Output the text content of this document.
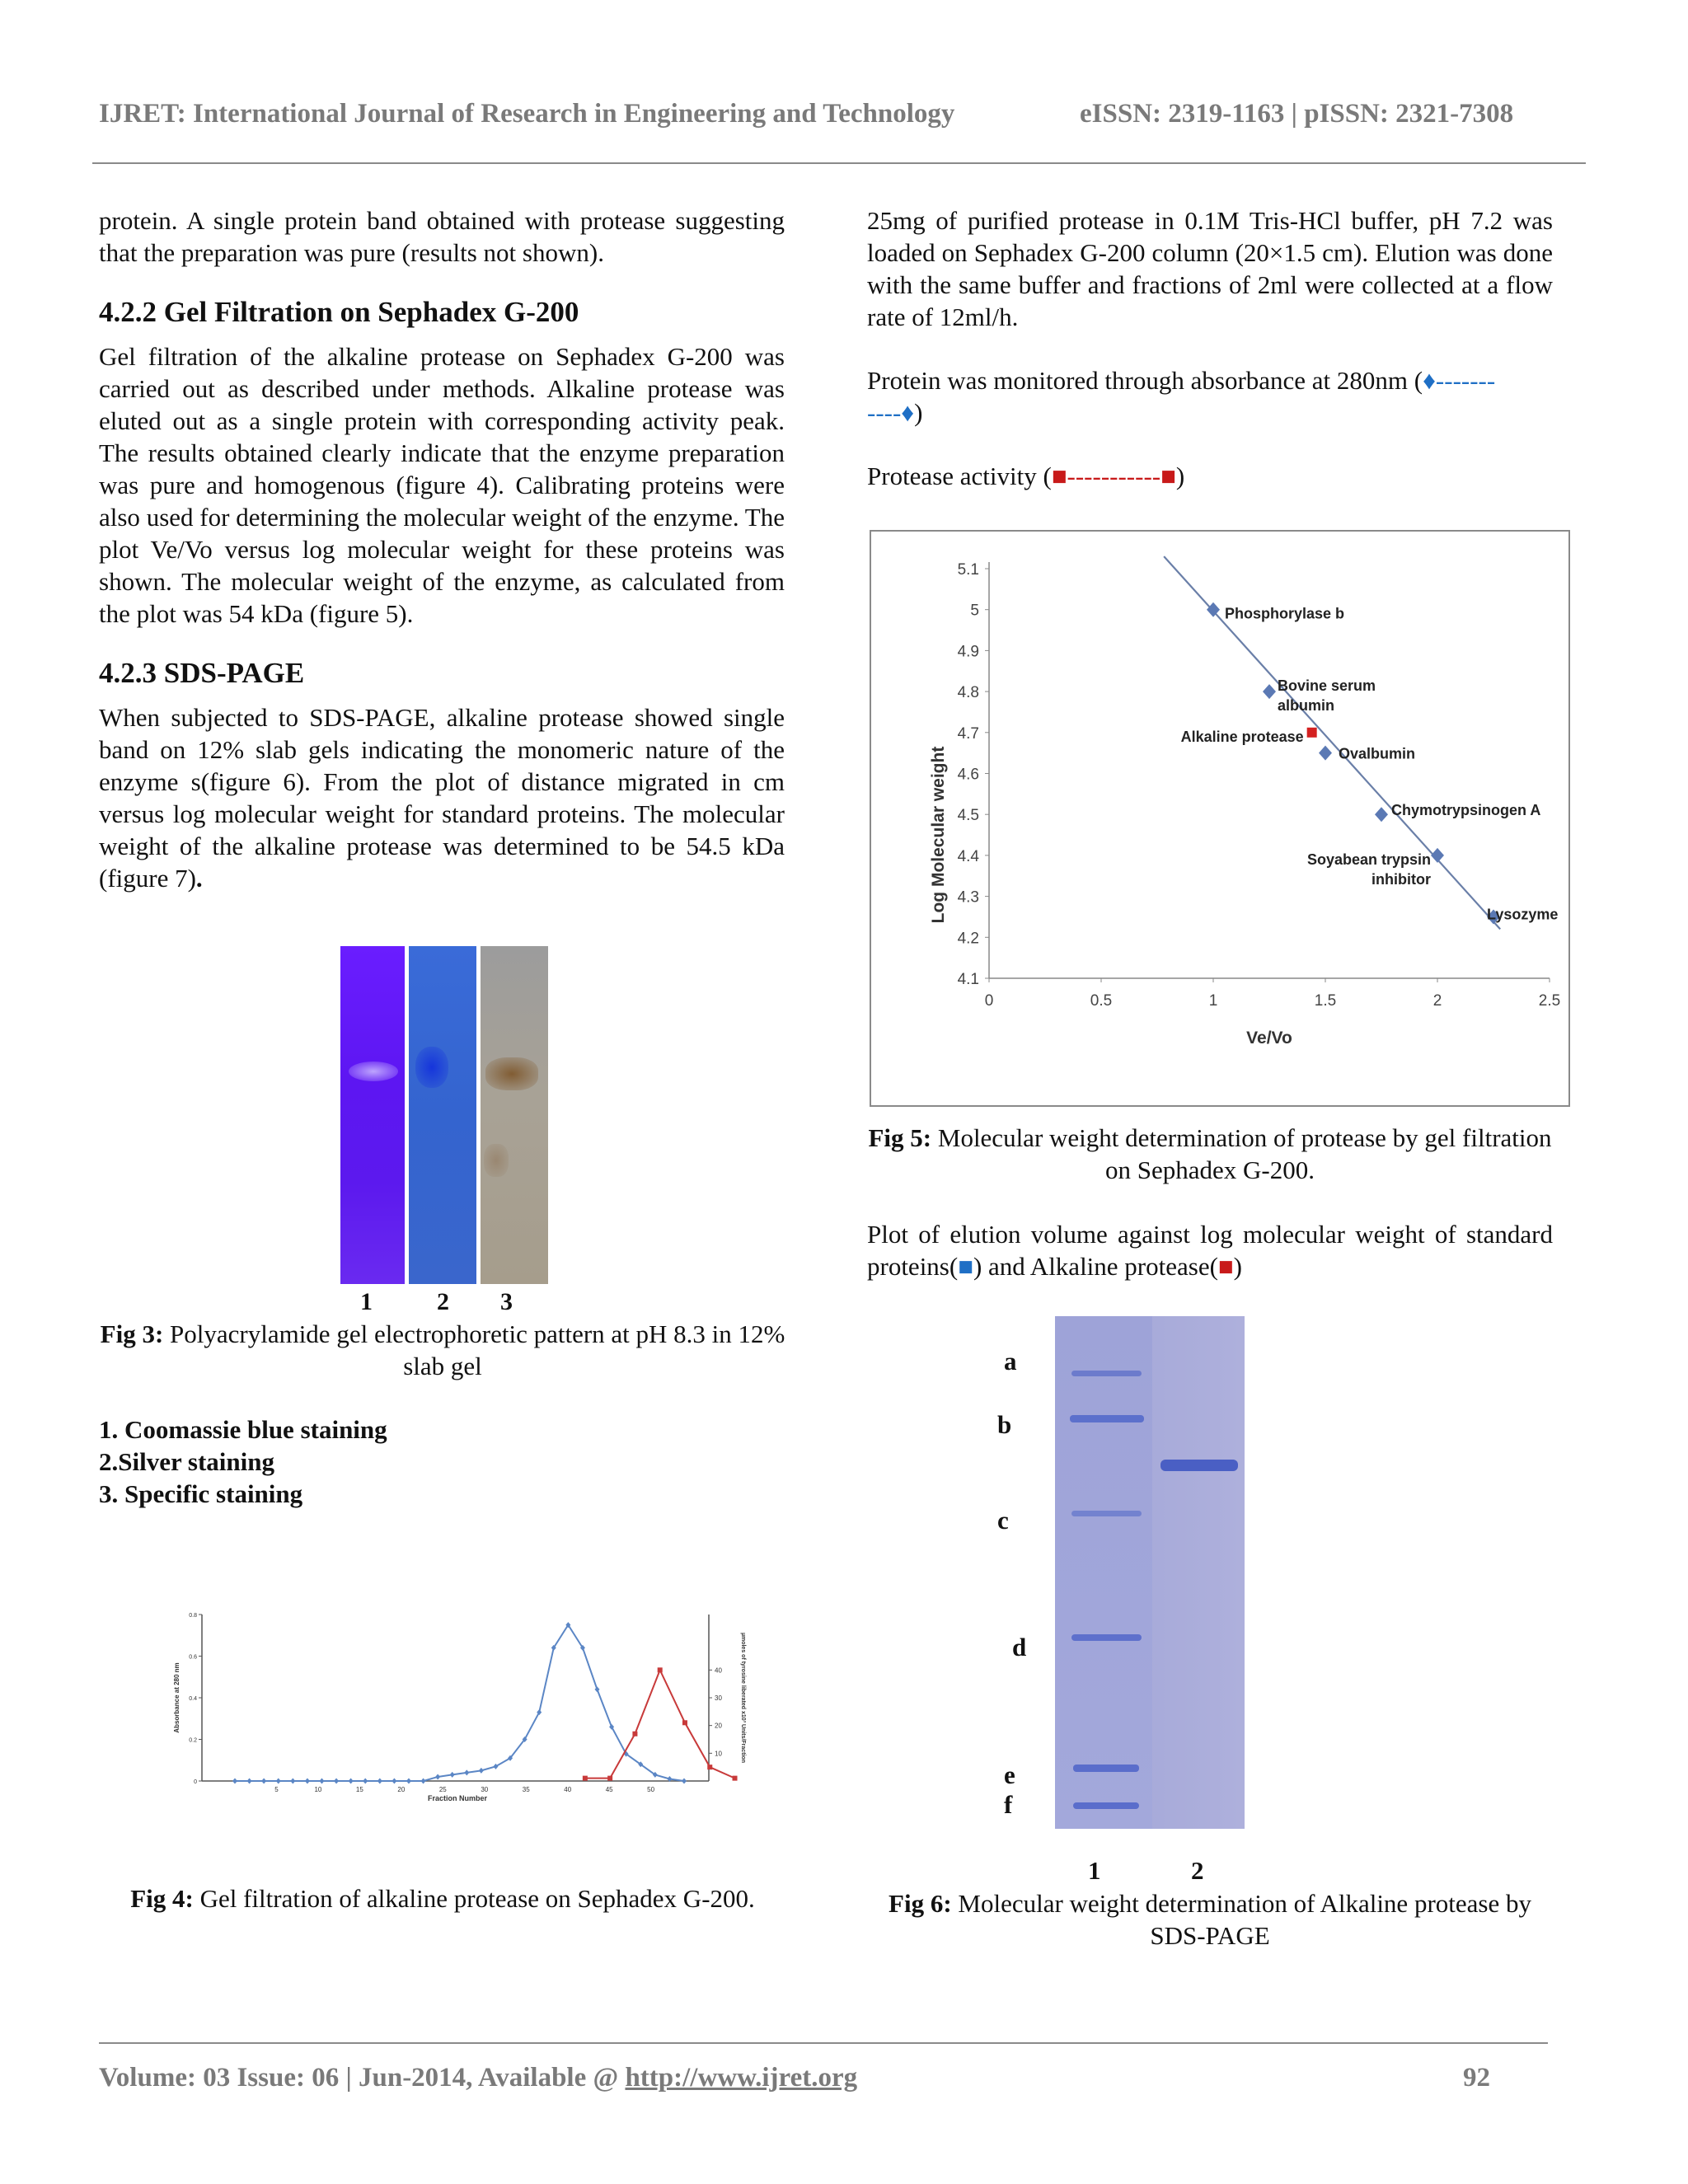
IJRET: International Journal of Research in Engineering and Technology	eISSN: 2319-1163 | pISSN: 2321-7308

protein. A single protein band obtained with protease suggesting that the preparation was pure (results not shown).

4.2.2 Gel Filtration on Sephadex G-200

Gel filtration of the alkaline protease on Sephadex G-200 was carried out as described under methods. Alkaline protease was eluted out as a single protein with corresponding activity peak. The results obtained clearly indicate that the enzyme preparation was pure and homogenous (figure 4). Calibrating proteins were also used for determining the molecular weight of the enzyme. The plot Ve/Vo versus log molecular weight for these proteins was shown. The molecular weight of the enzyme, as calculated from the plot was 54 kDa (figure 5).

4.2.3 SDS-PAGE

When subjected to SDS-PAGE, alkaline protease showed single band on 12% slab gels indicating the monomeric nature of the enzyme s(figure 6). From the plot of distance migrated in cm versus log molecular weight for standard proteins. The molecular weight of the alkaline protease was determined to be 54.5 kDa (figure 7).

1	2 3
Fig 3: Polyacrylamide gel electrophoretic pattern at pH 8.3 in 12% slab gel
1. Coomassie blue staining
2.Silver staining
3. Specific staining
0
0.2
0.4
0.6
0.8
10
20
30
40
5	10	15	20	25	30	35	40	45	50
Fraction Number
Absorbance at 280 nm	µmoles of tyrosine liberated x10³ Units/Fraction
Fig 4: Gel filtration of alkaline protease on Sephadex G-200.

25mg of purified protease in 0.1M Tris-HCl buffer, pH 7.2 was loaded on Sephadex G-200 column (20×1.5 cm). Elution was done with the same buffer and fractions of 2ml were collected at a flow rate of 12ml/h.

Protein was monitored through absorbance at 280nm (♦-------
----♦)

Protease activity (■-----------■)

4.1
4.2
4.3
4.4
4.5
4.6
4.7
4.8
4.9
5
5.1
0	0.5	1	1.5	2	2.5
Phosphorylase b
Bovine serum
albumin
Ovalbumin
Chymotrypsinogen A
Soyabean trypsin
inhibitor
Lysozyme
Alkaline protease
Ve/Vo
Log Molecular weight
Fig 5: Molecular weight determination of protease by gel filtration on Sephadex G-200.

Plot of elution volume against log molecular weight of standard proteins(■) and Alkaline protease(■)

a
b
c
d
e
f
1	2
Fig 6: Molecular weight determination of Alkaline protease by SDS-PAGE
Volume: 03 Issue: 06 | Jun-2014, Available @ http://www.ijret.org	92
